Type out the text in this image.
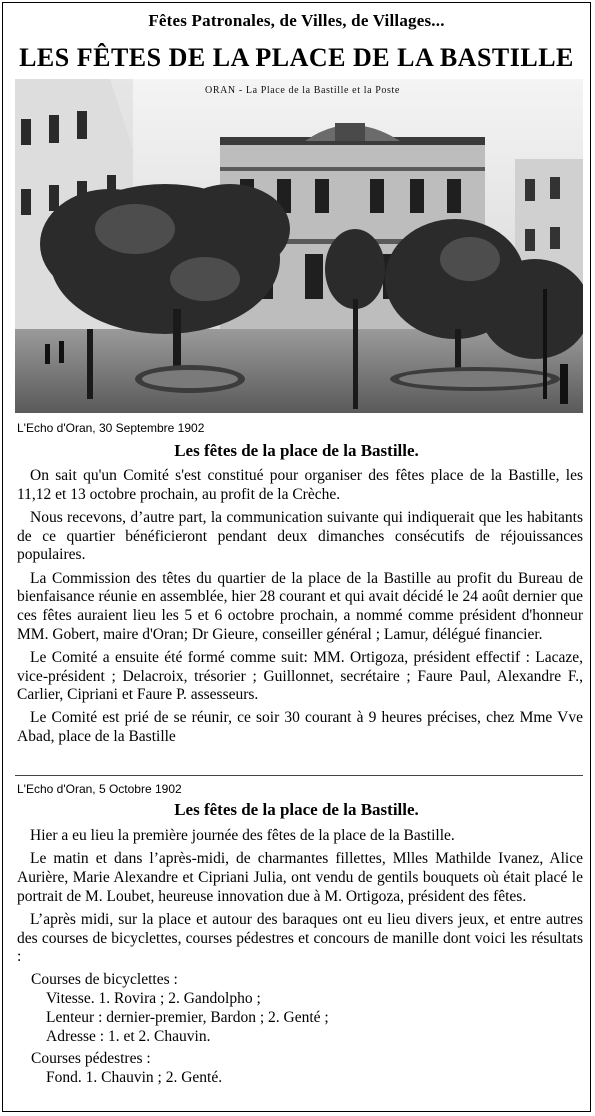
Fêtes Patronales, de Villes, de Villages...
LES FÊTES DE LA PLACE DE LA BASTILLE
ORAN - La Place de la Bastille et la Poste
L'Echo d'Oran, 30 Septembre 1902
Les fêtes de la place de la Bastille.

On sait qu'un Comité s'est constitué pour organiser des fêtes place de la Bastille, les 11,12 et 13 octobre prochain, au profit de la Crèche.

Nous recevons, d’autre part, la communication suivante qui indiquerait que les habitants de ce quartier bénéficieront pendant deux dimanches consécutifs de réjouissances populaires.

La Commission des têtes du quartier de la place de la Bastille au profit du Bureau de bienfaisance réunie en assemblée, hier 28 courant et qui avait décidé le 24 août dernier que ces fêtes auraient lieu les 5 et 6 octobre prochain, a nommé comme président d'honneur MM. Gobert, maire d'Oran; Dr Gieure, conseiller général ; Lamur, délégué financier.

Le Comité a ensuite été formé comme suit: MM. Ortigoza, président effectif : Lacaze, vice-président ; Delacroix, trésorier ; Guillonnet, secrétaire ; Faure Paul, Alexandre F., Carlier, Cipriani et Faure P. assesseurs.

Le Comité est prié de se réunir, ce soir 30 courant à 9 heures précises, chez Mme Vve Abad, place de la Bastille

L'Echo d'Oran, 5 Octobre 1902
Les fêtes de la place de la Bastille.

Hier a eu lieu la première journée des fêtes de la place de la Bastille.

Le matin et dans l’après-midi, de charmantes fillettes, Mlles Mathilde Ivanez, Alice Aurière, Marie Alexandre et Cipriani Julia, ont vendu de gentils bouquets où était placé le portrait de M. Loubet, heureuse innovation due à M. Ortigoza, président des fêtes.

L’après midi, sur la place et autour des baraques ont eu lieu divers jeux, et entre autres des courses de bicyclettes, courses pédestres et concours de manille dont voici les résultats :

Courses de bicyclettes :
Vitesse. 1. Rovira ; 2. Gandolpho ;
Lenteur : dernier-premier, Bardon ; 2. Genté ;
Adresse : 1. et 2. Chauvin.
Courses pédestres :
Fond. 1. Chauvin ; 2. Genté.
